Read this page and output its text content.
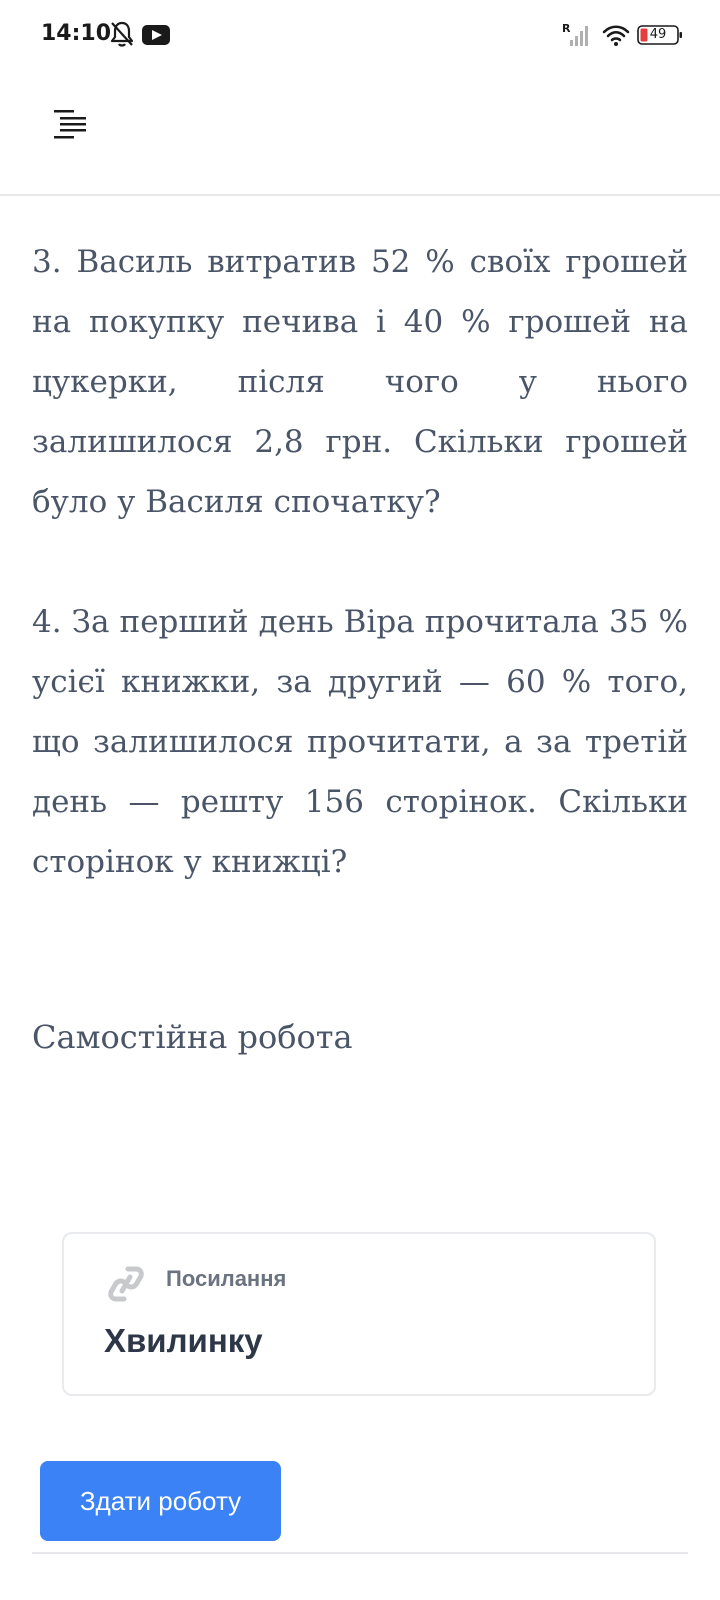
14:10	R	49

3. Василь витратив 52 % своїх грошей на покупку печива і 40 % грошей на цукерки, після чого у нього залишилося 2,8 грн. Скільки грошей було у Василя спочатку?

4. За перший день Віра прочитала 35 % усієї книжки, за другий — 60 % того, що залишилося прочитати, а за третій день — решту 156 сторінок. Скільки сторінок у книжці?

Самостійна робота
Посилання
Хвилинку
Здати роботу
